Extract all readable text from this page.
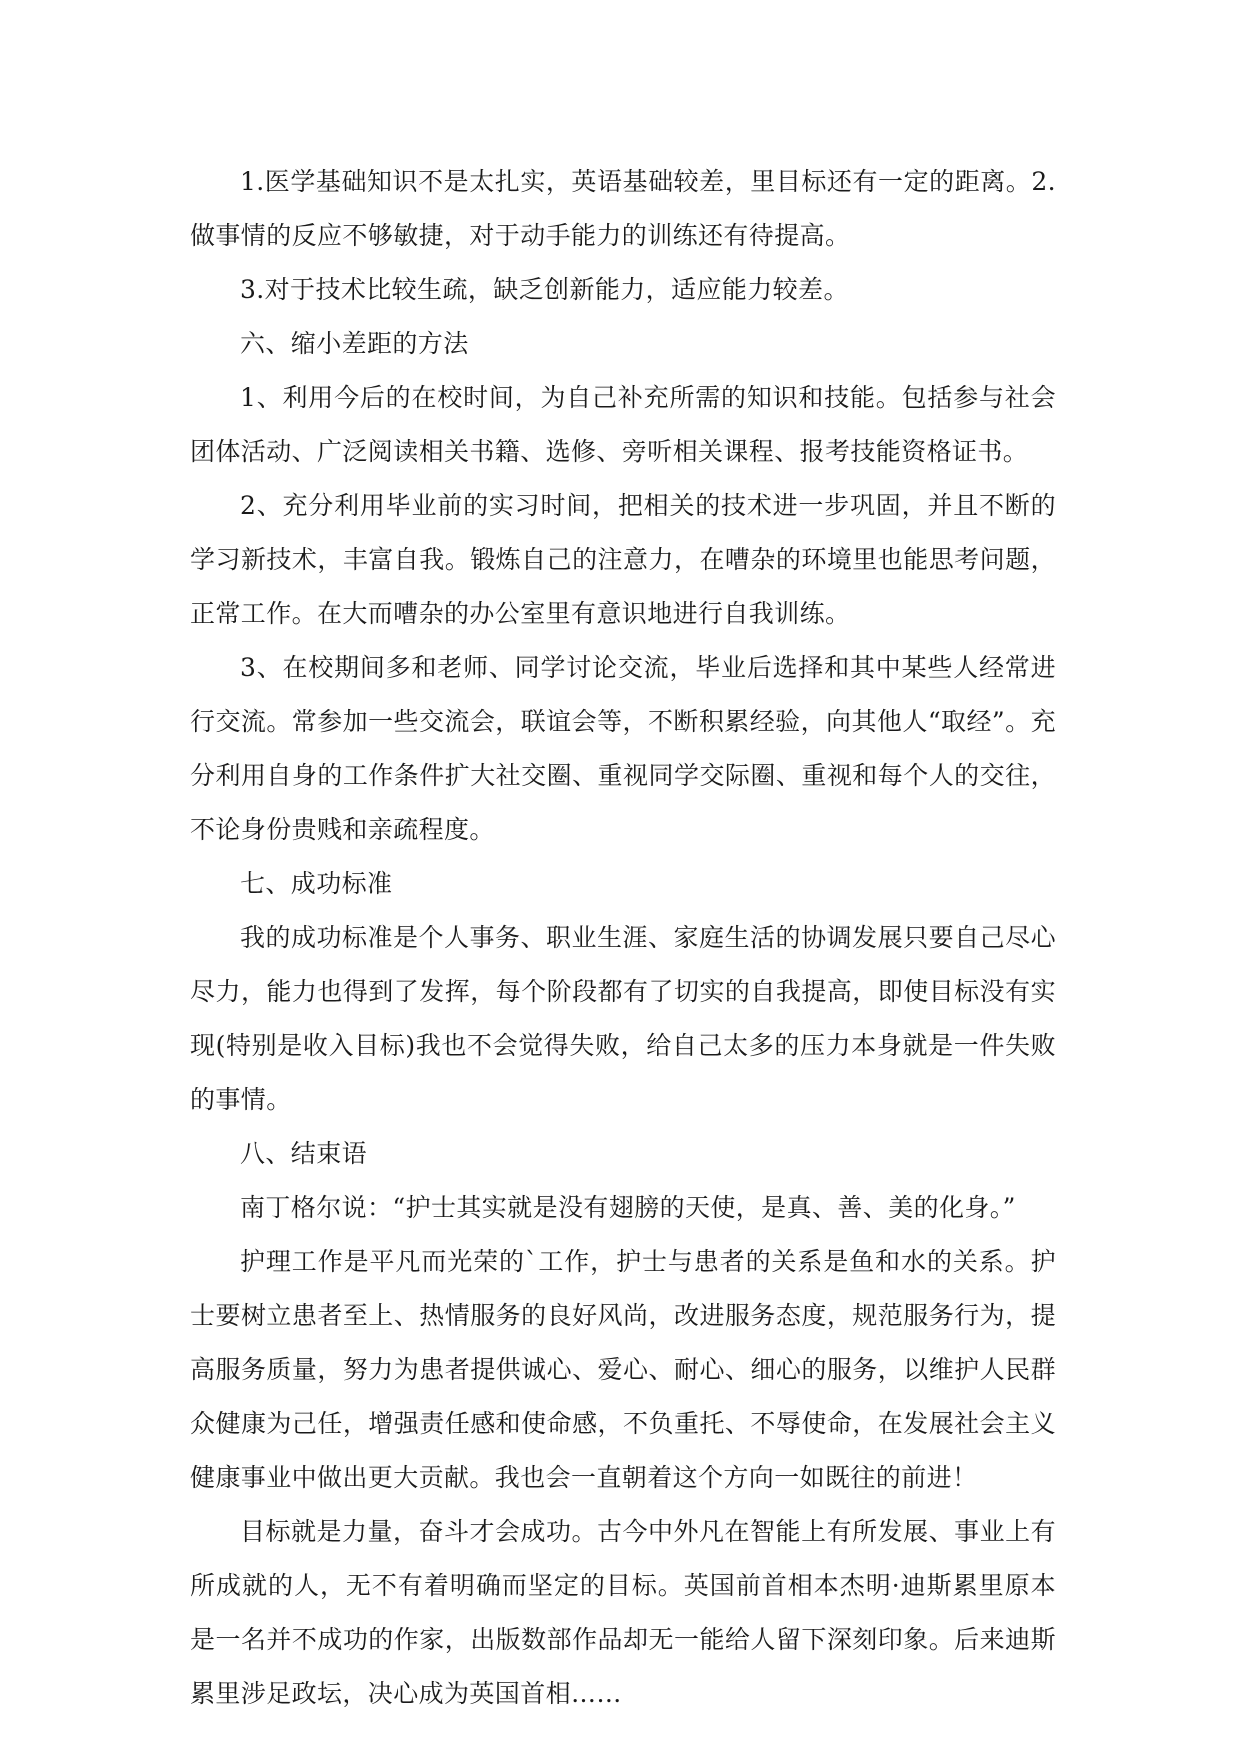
1.医学基础知识不是太扎实，英语基础较差，里目标还有一定的距离。2.做事情的反应不够敏捷，对于动手能力的训练还有待提高。

3.对于技术比较生疏，缺乏创新能力，适应能力较差。

六、缩小差距的方法

1、利用今后的在校时间，为自己补充所需的知识和技能。包括参与社会团体活动、广泛阅读相关书籍、选修、旁听相关课程、报考技能资格证书。

2、充分利用毕业前的实习时间，把相关的技术进一步巩固，并且不断的学习新技术，丰富自我。锻炼自己的注意力，在嘈杂的环境里也能思考问题，正常工作。在大而嘈杂的办公室里有意识地进行自我训练。

3、在校期间多和老师、同学讨论交流，毕业后选择和其中某些人经常进行交流。常参加一些交流会，联谊会等，不断积累经验，向其他人“取经”。充分利用自身的工作条件扩大社交圈、重视同学交际圈、重视和每个人的交往，不论身份贵贱和亲疏程度。

七、成功标准

我的成功标准是个人事务、职业生涯、家庭生活的协调发展只要自己尽心尽力，能力也得到了发挥，每个阶段都有了切实的自我提高，即使目标没有实现(特别是收入目标)我也不会觉得失败，给自己太多的压力本身就是一件失败的事情。

八、结束语

南丁格尔说：“护士其实就是没有翅膀的天使，是真、善、美的化身。”

护理工作是平凡而光荣的`工作，护士与患者的关系是鱼和水的关系。护士要树立患者至上、热情服务的良好风尚，改进服务态度，规范服务行为，提高服务质量，努力为患者提供诚心、爱心、耐心、细心的服务，以维护人民群众健康为己任，增强责任感和使命感，不负重托、不辱使命，在发展社会主义健康事业中做出更大贡献。我也会一直朝着这个方向一如既往的前进！

目标就是力量，奋斗才会成功。古今中外凡在智能上有所发展、事业上有所成就的人，无不有着明确而坚定的目标。英国前首相本杰明·迪斯累里原本是一名并不成功的作家，出版数部作品却无一能给人留下深刻印象。后来迪斯累里涉足政坛，决心成为英国首相……
